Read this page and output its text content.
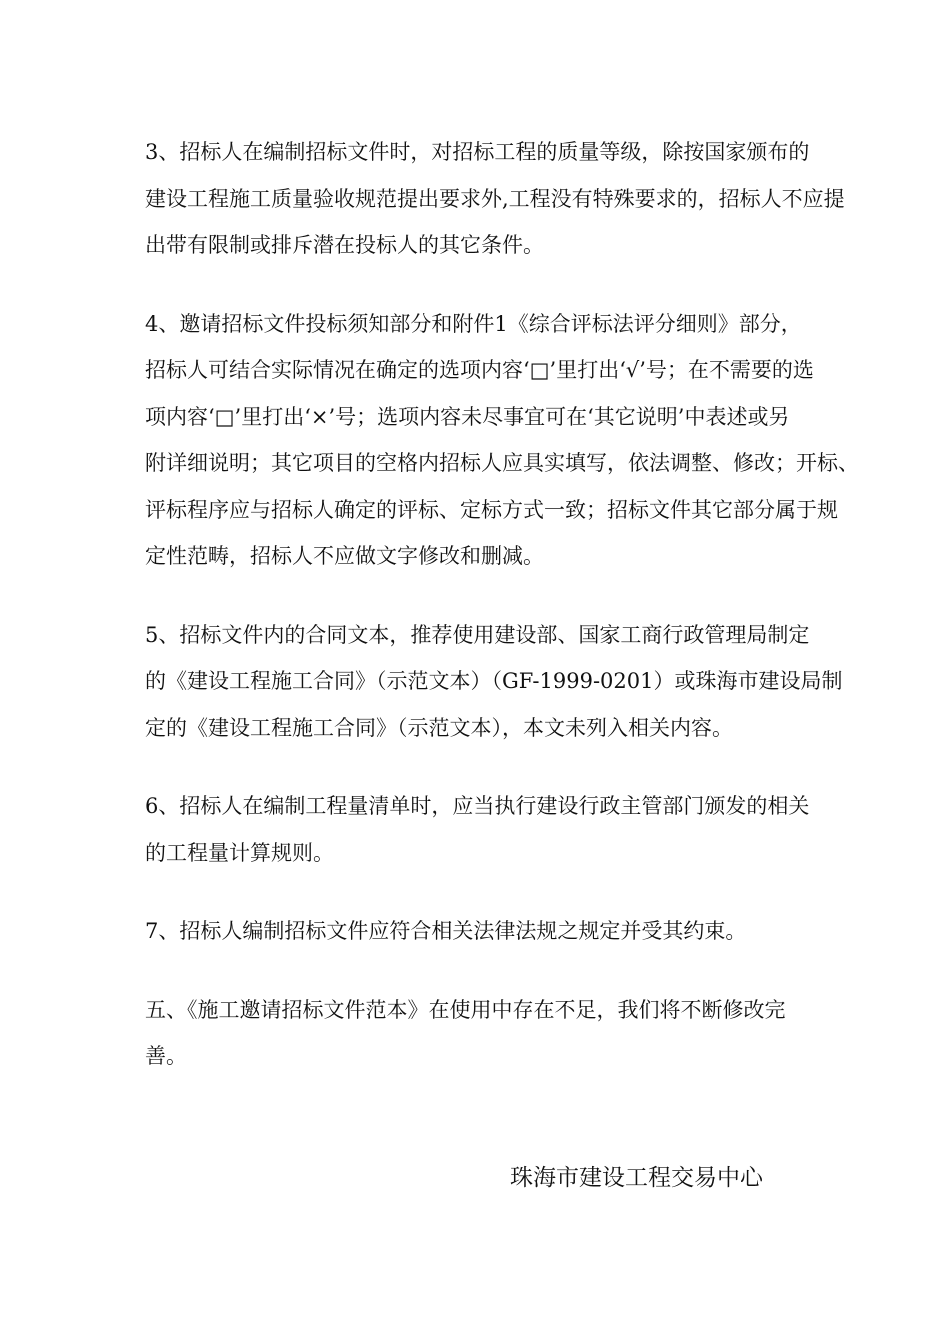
3、招标人在编制招标文件时，对招标工程的质量等级，除按国家颁布的
建设工程施工质量验收规范提出要求外,工程没有特殊要求的，招标人不应提
出带有限制或排斥潜在投标人的其它条件。

4、邀请招标文件投标须知部分和附件1《综合评标法评分细则》部分，
招标人可结合实际情况在确定的选项内容‘□’里打出‘√’号；在不需要的选
项内容‘□’里打出‘×’号；选项内容未尽事宜可在‘其它说明’中表述或另
附详细说明；其它项目的空格内招标人应具实填写，依法调整、修改；开标、
评标程序应与招标人确定的评标、定标方式一致；招标文件其它部分属于规
定性范畴，招标人不应做文字修改和删减。

5、招标文件内的合同文本，推荐使用建设部、国家工商行政管理局制定
的《建设工程施工合同》（示范文本）（GF-1999-0201）或珠海市建设局制
定的《建设工程施工合同》（示范文本），本文未列入相关内容。

6、招标人在编制工程量清单时，应当执行建设行政主管部门颁发的相关
的工程量计算规则。

7、招标人编制招标文件应符合相关法律法规之规定并受其约束。

五、《施工邀请招标文件范本》在使用中存在不足，我们将不断修改完
善。

珠海市建设工程交易中心
